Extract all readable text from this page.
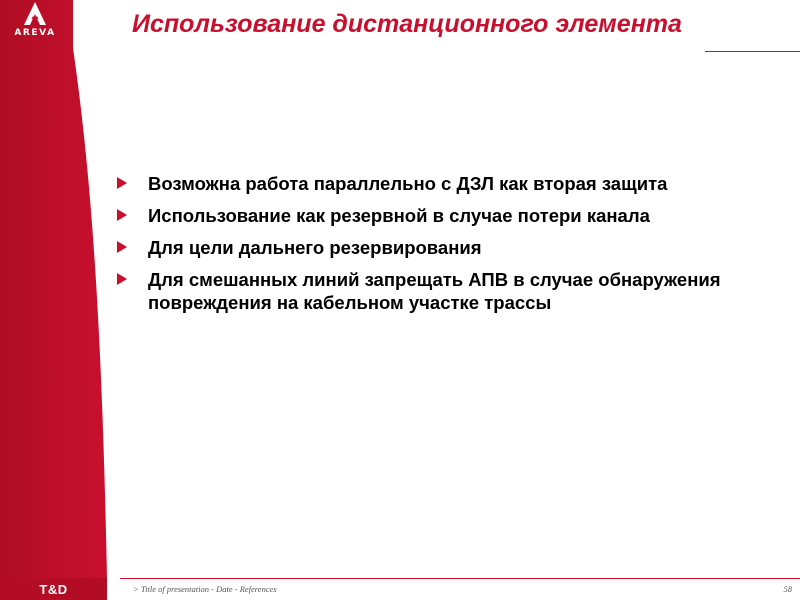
AREVA	Использование дистанционного элемента
Возможна работа параллельно с ДЗЛ как вторая защита
Использование как резервной в случае потери канала
Для цели дальнего резервирования
Для смешанных линий запрещать АПВ в случае обнаружения повреждения на кабельном участке трассы
T&D	> Title of presentation - Date - References	58
